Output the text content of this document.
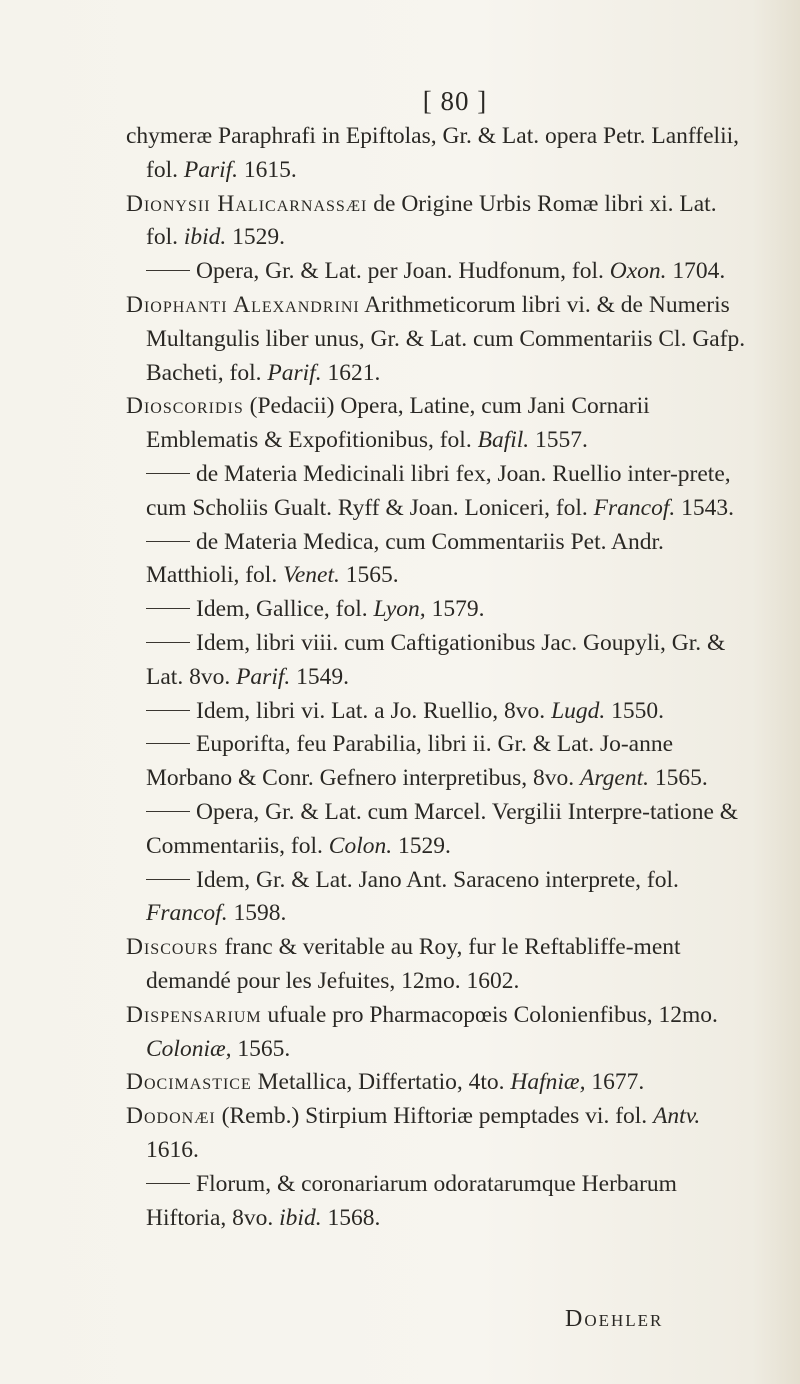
[ 80 ]

chymeræ Paraphrafi in Epiftolas, Gr. & Lat. opera Petr. Lanffelii, fol. Parif. 1615.

Dionysii Halicarnassæi de Origine Urbis Romæ libri xi. Lat. fol. ibid. 1529.

Opera, Gr. & Lat. per Joan. Hudfonum, fol. Oxon. 1704.

Diophanti Alexandrini Arithmeticorum libri vi. & de Numeris Multangulis liber unus, Gr. & Lat. cum Commentariis Cl. Gafp. Bacheti, fol. Parif. 1621.

Dioscoridis (Pedacii) Opera, Latine, cum Jani Cornarii Emblematis & Expofitionibus, fol. Bafil. 1557.

de Materia Medicinali libri fex, Joan. Ruellio inter-prete, cum Scholiis Gualt. Ryff & Joan. Loniceri, fol. Francof. 1543.

de Materia Medica, cum Commentariis Pet. Andr. Matthioli, fol. Venet. 1565.

Idem, Gallice, fol. Lyon, 1579.

Idem, libri viii. cum Caftigationibus Jac. Goupyli, Gr. & Lat. 8vo. Parif. 1549.

Idem, libri vi. Lat. a Jo. Ruellio, 8vo. Lugd. 1550.

Euporifta, feu Parabilia, libri ii. Gr. & Lat. Jo-anne Morbano & Conr. Gefnero interpretibus, 8vo. Argent. 1565.

Opera, Gr. & Lat. cum Marcel. Vergilii Interpre-tatione & Commentariis, fol. Colon. 1529.

Idem, Gr. & Lat. Jano Ant. Saraceno interprete, fol. Francof. 1598.

Discours franc & veritable au Roy, fur le Reftabliffe-ment demandé pour les Jefuites, 12mo. 1602.

Dispensarium ufuale pro Pharmacopœis Colonienfibus, 12mo. Coloniæ, 1565.

Docimastice Metallica, Differtatio, 4to. Hafniæ, 1677.

Dodonæi (Remb.) Stirpium Hiftoriæ pemptades vi. fol. Antv. 1616.

Florum, & coronariarum odoratarumque Herbarum Hiftoria, 8vo. ibid. 1568.

Doehler
